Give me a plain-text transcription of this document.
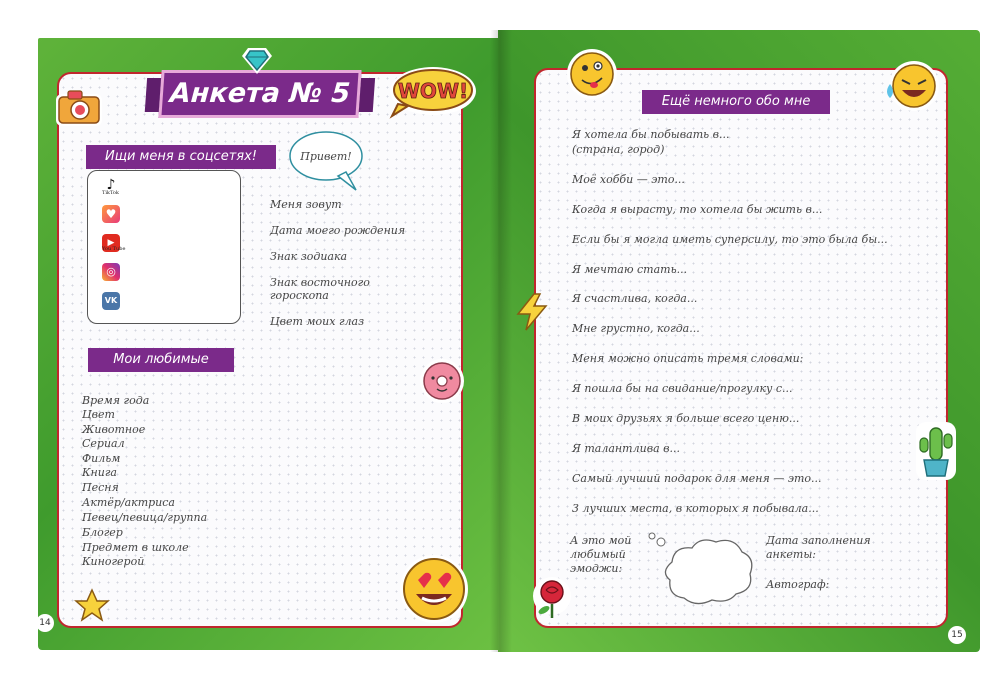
Анкета № 5	WOW!
Ищи меня в соцсетях!
♪
TikTok
♥
▶
You Tube
◎
VK
Привет!
Меня зовут
Дата моего рождения
Знак зодиака
Знак восточного
гороскопа
Цвет моих глаз
Мои любимые
Время года
Цвет
Животное
Сериал
Фильм
Книга
Песня
Актёр/актриса
Певец/певица/группа
Блогер
Предмет в школе
Киногерой
14
Ещё немного обо мне
Я хотела бы побывать в...
(страна, город)
Моё хобби — это...
Когда я вырасту, то хотела бы жить в...
Если бы я могла иметь суперсилу, то это была бы...
Я мечтаю стать...
Я счастлива, когда...
Мне грустно, когда...
Меня можно описать тремя словами:
Я пошла бы на свидание/прогулку с...
В моих друзьях я больше всего ценю...
Я талантлива в...
Самый лучший подарок для меня — это...
3 лучших места, в которых я побывала...
А это мой
любимый
эмоджи:
Дата заполнения
анкеты:
Автограф:
15
